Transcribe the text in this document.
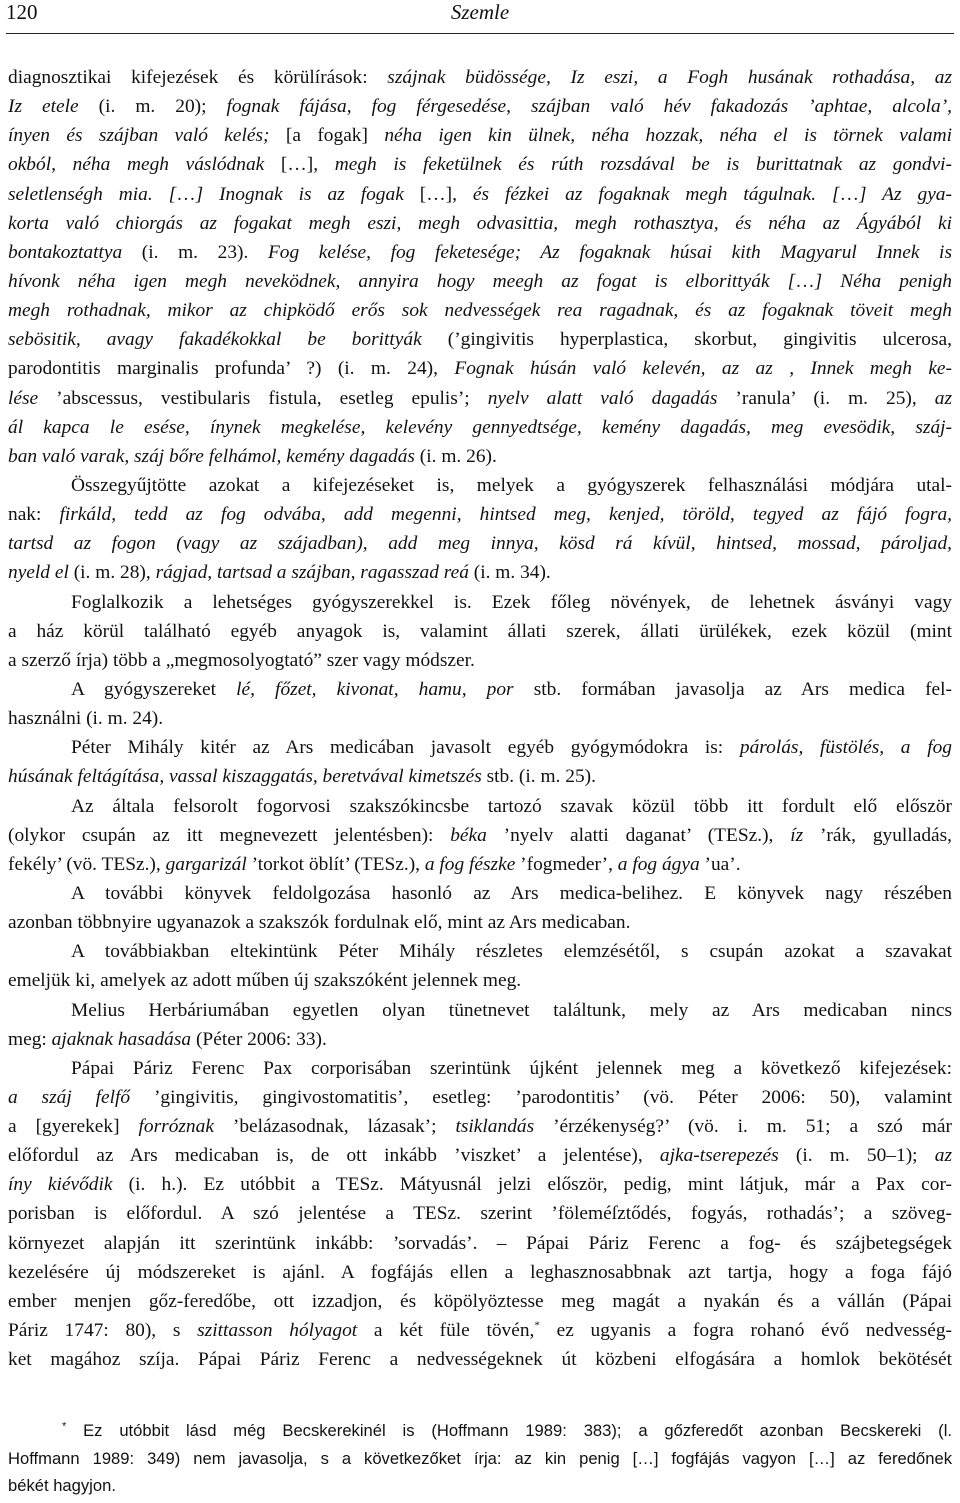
120	Szemle
diagnosztikai kifejezések és körülírások: szájnak büdössége, Iz eszi, a Fogh husának rothadása, az
Iz etele (i. m. 20); fognak fájása, fog férgesedése, szájban való hév fakadozás ’aphtae, alcola’,
ínyen és szájban való kelés; [a fogak] néha igen kin ülnek, néha hozzak, néha el is törnek valami
okból, néha megh váslódnak […], megh is feketülnek és rúth rozsdával be is burittatnak az gondvi-
seletlenségh mia. […] Inognak is az fogak […], és fézkei az fogaknak megh tágulnak. […] Az gya-
korta való chiorgás az fogakat megh eszi, megh odvasittia, megh rothasztya, és néha az Ágyából ki
bontakoztattya (i. m. 23). Fog kelése, fog feketesége; Az fogaknak húsai kith Magyarul Innek is
hívonk néha igen megh neveködnek, annyira hogy meegh az fogat is elborittyák […] Néha penigh
megh rothadnak, mikor az chipködő erős sok nedvességek rea ragadnak, és az fogaknak töveit megh
sebösitik, avagy fakadékokkal be borittyák (’gingivitis hyperplastica, skorbut, gingivitis ulcerosa,
parodontitis marginalis profunda’ ?) (i. m. 24), Fognak húsán való kelevén, az az , Innek megh ke-
lése ’abscessus, vestibularis fistula, esetleg epulis’; nyelv alatt való dagadás ’ranula’ (i. m. 25), az
ál kapca le esése, ínynek megkelése, kelevény gennyedtsége, kemény dagadás, meg evesödik, száj-
ban való varak, száj bőre felhámol, kemény dagadás (i. m. 26).
Összegyűjtötte azokat a kifejezéseket is, melyek a gyógyszerek felhasználási módjára utal-
nak: firkáld, tedd az fog odvába, add megenni, hintsed meg, kenjed, töröld, tegyed az fájó fogra,
tartsd az fogon (vagy az szájadban), add meg innya, kösd rá kívül, hintsed, mossad, pároljad,
nyeld el (i. m. 28), rágjad, tartsad a szájban, ragasszad reá (i. m. 34).
Foglalkozik a lehetséges gyógyszerekkel is. Ezek főleg növények, de lehetnek ásványi vagy
a ház körül található egyéb anyagok is, valamint állati szerek, állati ürülékek, ezek közül (mint
a szerző írja) több a „megmosolyogtató” szer vagy módszer.
A gyógyszereket lé, főzet, kivonat, hamu, por stb. formában javasolja az Ars medica fel-
használni (i. m. 24).
Péter Mihály kitér az Ars medicában javasolt egyéb gyógymódokra is: párolás, füstölés, a fog
húsának feltágítása, vassal kiszaggatás, beretvával kimetszés stb. (i. m. 25).
Az általa felsorolt fogorvosi szakszókincsbe tartozó szavak közül több itt fordult elő először
(olykor csupán az itt megnevezett jelentésben): béka ’nyelv alatti daganat’ (TESz.), íz ’rák, gyulladás,
fekély’ (vö. TESz.), gargarizál ’torkot öblít’ (TESz.), a fog fészke ’fogmeder’, a fog ágya ’ua’.
A további könyvek feldolgozása hasonló az Ars medica-belihez. E könyvek nagy részében
azonban többnyire ugyanazok a szakszók fordulnak elő, mint az Ars medicaban.
A továbbiakban eltekintünk Péter Mihály részletes elemzésétől, s csupán azokat a szavakat
emeljük ki, amelyek az adott műben új szakszóként jelennek meg.
Melius Herbáriumában egyetlen olyan tünetnevet találtunk, mely az Ars medicaban nincs
meg: ajaknak hasadása (Péter 2006: 33).
Pápai Páriz Ferenc Pax corporisában szerintünk újként jelennek meg a következő kifejezések:
a száj felfő ’gingivitis, gingivostomatitis’, esetleg: ’parodontitis’ (vö. Péter 2006: 50), valamint
a [gyerekek] forróznak ’belázasodnak, lázasak’; tsiklandás ’érzékenység?’ (vö. i. m. 51; a szó már
előfordul az Ars medicaban is, de ott inkább ’viszket’ a jelentése), ajka-tserepezés (i. m. 50–1); az
íny kiévődik (i. h.). Ez utóbbit a TESz. Mátyusnál jelzi először, pedig, mint látjuk, már a Pax cor-
porisban is előfordul. A szó jelentése a TESz. szerint ’föleméſztődés, fogyás, rothadás’; a szöveg-
környezet alapján itt szerintünk inkább: ’sorvadás’. – Pápai Páriz Ferenc a fog- és szájbetegségek
kezelésére új módszereket is ajánl. A fogfájás ellen a leghasznosabbnak azt tartja, hogy a foga fájó
ember menjen gőz-feredőbe, ott izzadjon, és köpölyöztesse meg magát a nyakán és a vállán (Pápai
Páriz 1747: 80), s szittasson hólyagot a két füle tövén,* ez ugyanis a fogra rohanó évő nedvesség-
ket magához szíja. Pápai Páriz Ferenc a nedvességeknek út közbeni elfogására a homlok bekötését
* Ez utóbbit lásd még Becskerekinél is (Hoffmann 1989: 383); a gőzferedőt azonban Becskereki (l.
Hoffmann 1989: 349) nem javasolja, s a következőket írja: az kin penig […] fogfájás vagyon […] az feredőnek
békét hagyjon.
